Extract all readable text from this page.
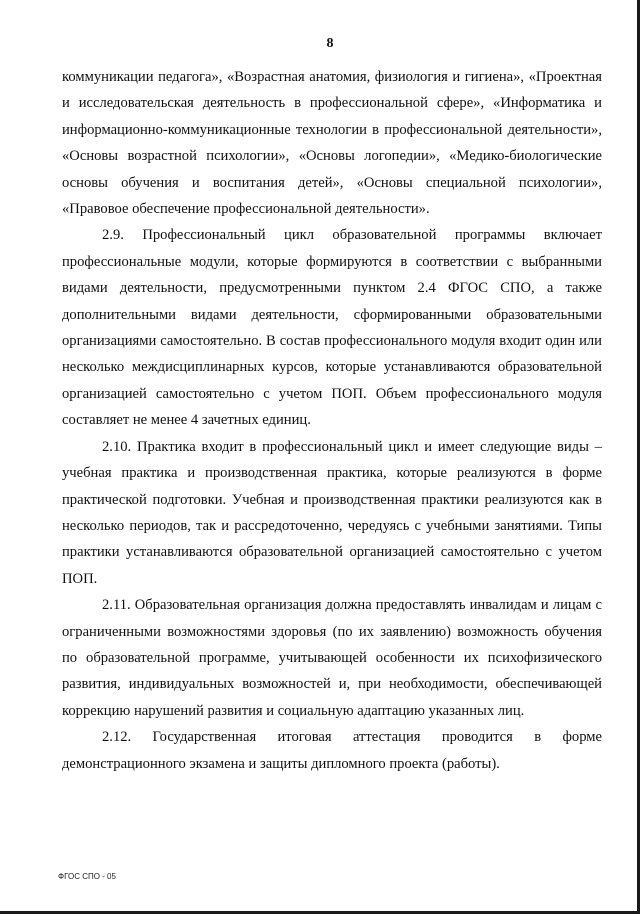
8

коммуникации педагога», «Возрастная анатомия, физиология и гигиена», «Проектная и исследовательская деятельность в профессиональной сфере», «Информатика и информационно-коммуникационные технологии в профессиональной деятельности», «Основы возрастной психологии», «Основы логопедии», «Медико-биологические основы обучения и воспитания детей», «Основы специальной психологии», «Правовое обеспечение профессиональной деятельности».

2.9. Профессиональный цикл образовательной программы включает профессиональные модули, которые формируются в соответствии с выбранными видами деятельности, предусмотренными пунктом 2.4 ФГОС СПО, а также дополнительными видами деятельности, сформированными образовательными организациями самостоятельно. В состав профессионального модуля входит один или несколько междисциплинарных курсов, которые устанавливаются образовательной организацией самостоятельно с учетом ПОП. Объем профессионального модуля составляет не менее 4 зачетных единиц.

2.10. Практика входит в профессиональный цикл и имеет следующие виды – учебная практика и производственная практика, которые реализуются в форме практической подготовки. Учебная и производственная практики реализуются как в несколько периодов, так и рассредоточенно, чередуясь с учебными занятиями. Типы практики устанавливаются образовательной организацией самостоятельно с учетом ПОП.

2.11. Образовательная организация должна предоставлять инвалидам и лицам с ограниченными возможностями здоровья (по их заявлению) возможность обучения по образовательной программе, учитывающей особенности их психофизического развития, индивидуальных возможностей и, при необходимости, обеспечивающей коррекцию нарушений развития и социальную адаптацию указанных лиц.

2.12. Государственная итоговая аттестация проводится в форме демонстрационного экзамена и защиты дипломного проекта (работы).

ФГОС СПО - 05
